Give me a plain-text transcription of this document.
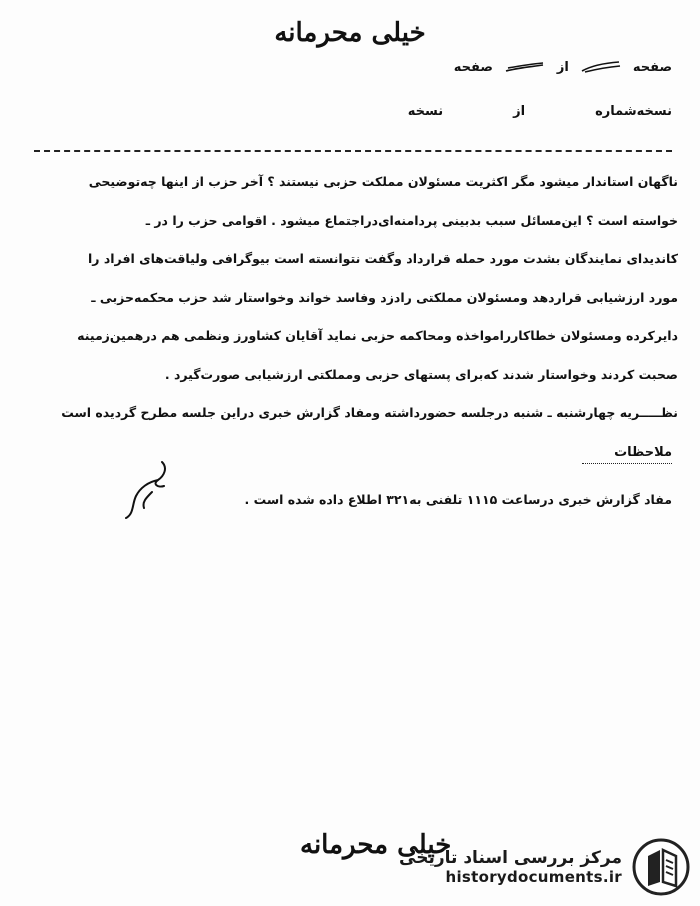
خیلی محرمانه
صفحه
از
صفحه
نسخه‌شماره
از
نسخه
ناگهان استاندار میشود مگر اکثریت مسئولان مملکت حزبی نیستند ؟ آخر حزب از اینها چه‌توضیحی
خواسته است ؟ این‌مسائل سبب بدبینی پردامنه‌ای‌در‌اجتماع میشود . اقوامی حزب را در ـ
کاندیدای نمایندگان بشدت مورد حمله قرارداد‌ وگفت نتوانسته است بیوگرافی ولیاقت‌های افراد را
مورد ارزشیابی قراردهد ومسئولان مملکتی رادزد وفاسد خواند وخواستار شد حزب محکمه‌حزبی ـ
دایرکرده ومسئولان خطاکار‌را‌مواخذه ومحاکمه حزبی نماید آقایان کشاورز ونظمی هم درهمین‌زمینه
صحبت کردند وخواستار شدند که‌برای پستهای حزبی ومملکتی ارزشیابی صورت‌گیرد .
نظـــــریه چهارشنبه ـ شنبه درجلسه حضورداشته ومفاد گزارش خبری دراین جلسه مطرح گردیده است
ملاحظات
مفاد گزارش خبری درساعت ۱۱۱۵ تلفنی به۳۲۱ اطلاع داده شده است .
خیلی محرمانه
مرکز بررسی اسناد تاریخی
historydocuments.ir
